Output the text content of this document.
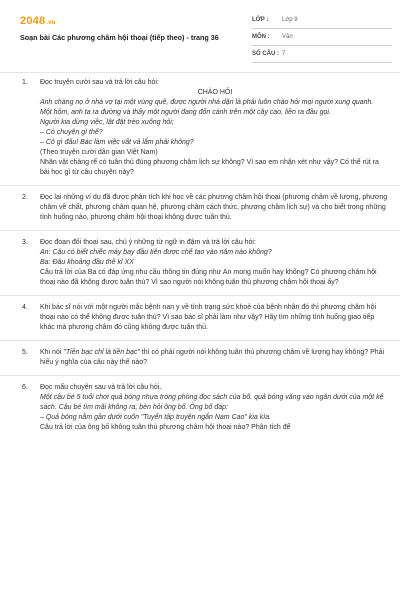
2048.vn
Soạn bài Các phương châm hội thoại (tiếp theo) - trang 36
LỚP :	Lớp 9
MÔN :	Văn
SỐ CÂU : 7
1. Đọc truyện cười sau và trả lời câu hỏi:

CHÀO HỎI

Anh chàng nọ ở nhà vợ tại một vùng quê, được người nhà dặn là phải luôn chào hỏi mọi người xung quanh.

Một hôm, anh ta ra đường và thấy một người đang đốn cành trên một cây cao, liền ra đầu gọi.

Người kia dừng việc, lật đật trèo xuống hỏi;

– Có chuyện gì thế?

– Cô gì đấu! Bác làm việc vất vả lắm phải không?

(Theo truyện cười dân gian Việt Nam)

Nhân vật chàng rể có tuân thủ đúng phương châm lịch sự không? Vì sao em nhận xét như vậy? Có thể rút ra bài học gì từ câu chuyện này?

2. Đọc lại những ví dụ đã được phân tích khi học về các phương châm hội thoại (phương châm về lượng, phương châm về chất, phương châm quan hệ, phương châm cách thức, phương châm lịch sự) và cho biết trong những tình huống nào, phương châm hội thoại không được tuân thủ.

3. Đọc đoạn đối thoại sau, chú ý những từ ngữ in đậm và trả lời câu hỏi:

An: Cậu có biết chiếc máy bay đầu tiên được chế tạo vào năm nào không?

Ba: Đâu khoảng đầu thế kỉ XX

Câu trả lời của Ba có đáp ứng nhu cầu thông tin đúng như An mong muốn hay không? Có phương châm hội thoại nào đã không được tuân thủ? Vì sao người nói không tuân thủ phương châm hội thoại ấy?

4. Khi bác sĩ nói với một người mắc bệnh nan y về tình trạng sức khoẻ của bệnh nhân đó thì phương châm hội thoại nào có thể không được tuân thủ? Vì sao bác sĩ phải làm như vậy? Hãy tìm những tình huống giao tiếp khác mà phương châm đó cũng không được tuân thủ.

5. Khi nói "Tiền bạc chỉ là tiền bạc" thì có phải người nói không tuân thủ phương châm về lượng hay không? Phải hiểu ý nghĩa của câu này thế nào?

6. Đọc mẩu chuyện sau và trả lời câu hỏi.

Một cậu bé 5 tuổi chơi quả bóng nhựa trong phòng đọc sách của bố. quả bóng văng vào ngăn dưới của một kệ sách. Cậu bé tìm mãi không ra, bèn hỏi ông bố. Ông bố đáp:

– Quả bóng nằm gần dưới cuốn "Tuyển tập truyện ngắn Nam Cao" kia kìa.

Câu trả lời của ông bố không tuân thủ phương châm hội thoại nào? Phân tích để
